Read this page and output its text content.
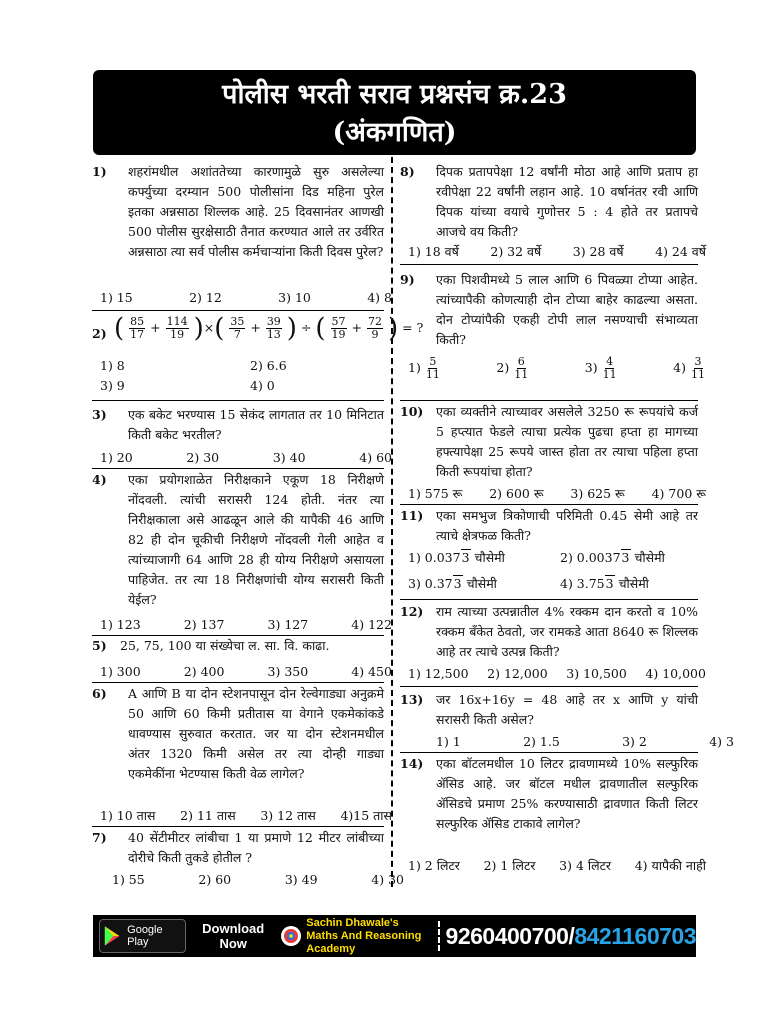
पोलीस भरती सराव प्रश्नसंच क्र.23
(अंकगणित)
1) शहरांमधील अशांततेच्या कारणामुळे सुरु असलेल्या कर्फ्युच्या दरम्यान 500 पोलीसांना दिड महिना पुरेल इतका अन्नसाठा शिल्लक आहे. 25 दिवसानंतर आणखी 500 पोलीस सुरक्षेसाठी तैनात करण्यात आले तर उर्वरित अन्नसाठा त्या सर्व पोलीस कर्मचाऱ्यांना किती दिवस पुरेल?
1) 15	2) 12	3) 10	4) 8
2) ( $\frac{85}{17} + \frac{114}{19}$ )×( $\frac{35}{7} + \frac{39}{13}$ ) ÷ ( $\frac{57}{19} + \frac{72}{9}$ ) = ?
1) 8	2) 6.6
3) 9	4) 0
3) एक बकेट भरण्यास 15 सेकंद लागतात तर 10 मिनिटात किती बकेट भरतील?
1) 20	2) 30	3) 40	4) 60
4) एका प्रयोगशाळेत निरीक्षकाने एकूण 18 निरीक्षणे नोंदवली. त्यांची सरासरी 124 होती. नंतर त्या निरीक्षकाला असे आढळून आले की यापैकी 46 आणि 82 ही दोन चूकीची निरीक्षणे नोंदवली गेली आहेत व त्यांच्याजागी 64 आणि 28 ही योग्य निरीक्षणे असायला पाहिजेत. तर त्या 18 निरीक्षणांची योग्य सरासरी किती येईल?
1) 123	2) 137	3) 127	4) 122
5) 25, 75, 100 या संख्येचा ल. सा. वि. काढा.
1) 300	2) 400	3) 350	4) 450
6) A आणि B या दोन स्टेशनपासून दोन रेल्वेगाड्या अनुक्रमे 50 आणि 60 किमी प्रतीतास या वेगाने एकमेकांकडे धावण्यास सुरुवात करतात. जर या दोन स्टेशनमधील अंतर 1320 किमी असेल तर त्या दोन्ही गाड्या एकमेकींना भेटण्यास किती वेळ लागेल?
1) 10 तास 2) 11 तास 3) 12 तास 4)15 तास
7) 40 सेंटीमीटर लांबीचा 1 या प्रमाणे 12 मीटर लांबीच्या दोरीचे किती तुकडे होतील ?
1) 55	2) 60	3) 49	4) 30
8) दिपक प्रतापपेक्षा 12 वर्षांनी मोठा आहे आणि प्रताप हा रवीपेक्षा 22 वर्षांनी लहान आहे. 10 वर्षानंतर रवी आणि दिपक यांच्या वयाचे गुणोत्तर 5 : 4 होते तर प्रतापचे आजचे वय किती?
1) 18 वर्षे	2) 32 वर्षे	3) 28 वर्षे	4) 24 वर्षे
9) एका पिशवीमध्ये 5 लाल आणि 6 पिवळ्या टोप्या आहेत. त्यांच्यापैकी कोणत्याही दोन टोप्या बाहेर काढल्या असता. दोन टोप्यांपैकी एकही टोपी लाल नसण्याची संभाव्यता किती?
$1) \frac{5}{11}$	$2) \frac{6}{11}$	$3) \frac{4}{11}$	$4) \frac{3}{11}$
10) एका व्यक्तीने त्याच्यावर असलेले 3250 रू रूपयांचे कर्ज 5 हप्त्यात फेडले त्याचा प्रत्येक पुढचा हप्ता हा मागच्या हफ्त्यापेक्षा 25 रूपये जास्त होता तर त्याचा पहिला हप्ता किती रूपयांचा होता?
1) 575 रू 2) 600 रू 3) 625 रू 4) 700 रू
11) एका समभुज त्रिकोणाची परिमिती 0.45 सेमी आहे तर त्याचे क्षेत्रफळ किती?
1) 0.0373 चौसेमी	2) 0.00373 चौसेमी
3) 0.373 चौसेमी	4) 3.753 चौसेमी
12) राम त्याच्या उत्पन्नातील 4% रक्कम दान करतो व 10% रक्कम बँकेत ठेवतो, जर रामकडे आता 8640 रू शिल्लक आहे तर त्याचे उत्पन्न किती?
1) 12,500 2) 12,000 3) 10,500 4) 10,000
13) जर 16x+16y = 48 आहे तर x आणि y यांची सरासरी किती असेल?
1) 1	2) 1.5	3) 2	4) 3
14) एका बॉटलमधील 10 लिटर द्रावणामध्ये 10% सल्फुरिक ॲसिड आहे. जर बॉटल मधील द्रावणातील सल्फुरिक ॲसिडचे प्रमाण 25% करण्यासाठी द्रावणात किती लिटर सल्फुरिक ॲसिड टाकावे लागेल?
1) 2 लिटर 2) 1 लिटर 3) 4 लिटर 4) यापैकी नाही
Google Play
Download Now
Sachin Dhawale's Maths And Reasoning Academy	9260400700/8421160703
